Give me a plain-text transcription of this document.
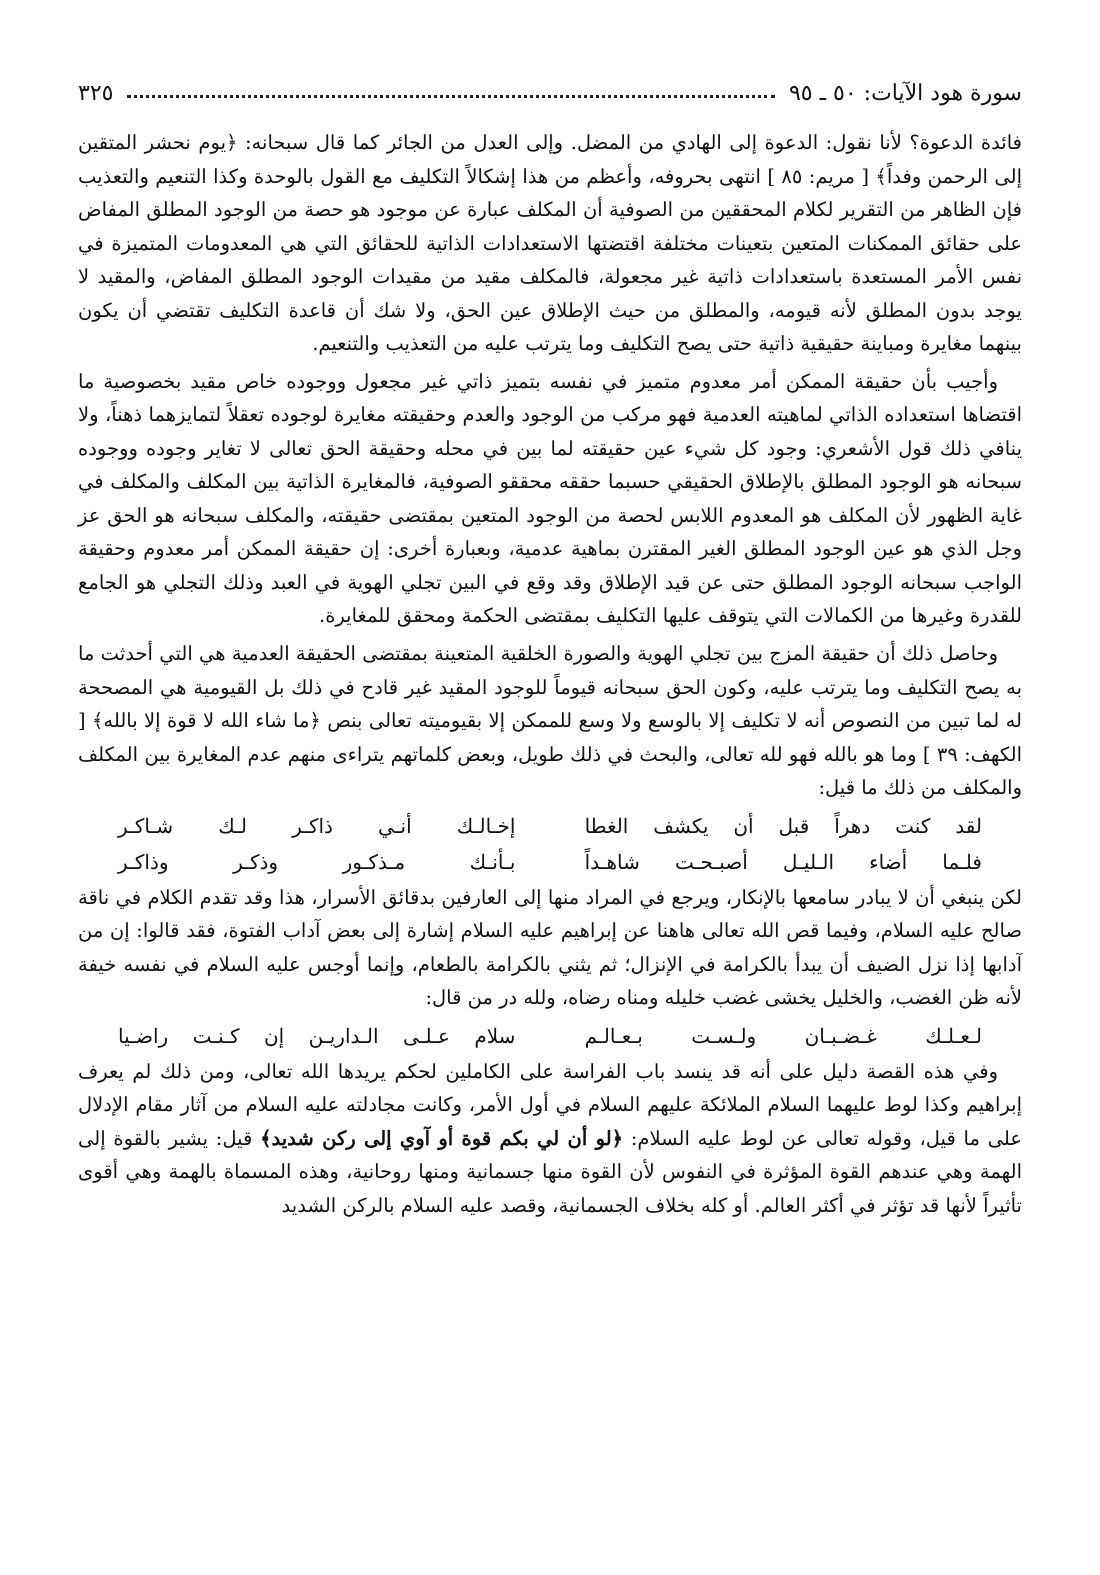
سورة هود الآيات: ٥٠ ـ ٩٥
٣٢٥

فائدة الدعوة؟ لأنا نقول: الدعوة إلى الهادي من المضل. وإلى العدل من الجائر كما قال سبحانه: ﴿يوم نحشر المتقين إلى الرحمن وفداً﴾ [ مريم: ٨٥ ] انتهى بحروفه، وأعظم من هذا إشكالاً التكليف مع القول بالوحدة وكذا التنعيم والتعذيب فإن الظاهر من التقرير لكلام المحققين من الصوفية أن المكلف عبارة عن موجود هو حصة من الوجود المطلق المفاض على حقائق الممكنات المتعين بتعينات مختلفة اقتضتها الاستعدادات الذاتية للحقائق التي هي المعدومات المتميزة في نفس الأمر المستعدة باستعدادات ذاتية غير مجعولة، فالمكلف مقيد من مقيدات الوجود المطلق المفاض، والمقيد لا يوجد بدون المطلق لأنه قيومه، والمطلق من حيث الإطلاق عين الحق، ولا شك أن قاعدة التكليف تقتضي أن يكون بينهما مغايرة ومباينة حقيقية ذاتية حتى يصح التكليف وما يترتب عليه من التعذيب والتنعيم.

وأجيب بأن حقيقة الممكن أمر معدوم متميز في نفسه بتميز ذاتي غير مجعول ووجوده خاص مقيد بخصوصية ما اقتضاها استعداده الذاتي لماهيته العدمية فهو مركب من الوجود والعدم وحقيقته مغايرة لوجوده تعقلاً لتمايزهما ذهناً، ولا ينافي ذلك قول الأشعري: وجود كل شيء عين حقيقته لما بين في محله وحقيقة الحق تعالى لا تغاير وجوده ووجوده سبحانه هو الوجود المطلق بالإطلاق الحقيقي حسبما حققه محققو الصوفية، فالمغايرة الذاتية بين المكلف والمكلف في غاية الظهور لأن المكلف هو المعدوم اللابس لحصة من الوجود المتعين بمقتضى حقيقته، والمكلف سبحانه هو الحق عز وجل الذي هو عين الوجود المطلق الغير المقترن بماهية عدمية، وبعبارة أخرى: إن حقيقة الممكن أمر معدوم وحقيقة الواجب سبحانه الوجود المطلق حتى عن قيد الإطلاق وقد وقع في البين تجلي الهوية في العبد وذلك التجلي هو الجامع للقدرة وغيرها من الكمالات التي يتوقف عليها التكليف بمقتضى الحكمة ومحقق للمغايرة.

وحاصل ذلك أن حقيقة المزج بين تجلي الهوية والصورة الخلقية المتعينة بمقتضى الحقيقة العدمية هي التي أحدثت ما به يصح التكليف وما يترتب عليه، وكون الحق سبحانه قيوماً للوجود المقيد غير قادح في ذلك بل القيومية هي المصححة له لما تبين من النصوص أنه لا تكليف إلا بالوسع ولا وسع للممكن إلا بقيوميته تعالى بنص ﴿ما شاء الله لا قوة إلا بالله﴾ [ الكهف: ٣٩ ] وما هو بالله فهو لله تعالى، والبحث في ذلك طويل، وبعض كلماتهم يتراءى منهم عدم المغايرة بين المكلف والمكلف من ذلك ما قيل:

لقد كنت دهراً قبل أن يكشف الغطا
إخـالـك أنـي ذاكـر لـك شـاكـر
فلـما أضاء الـليـل أصبـحـت شاهـداً
بـأنـك مـذكـور وذكـر وذاكـر

لكن ينبغي أن لا يبادر سامعها بالإنكار، ويرجع في المراد منها إلى العارفين بدقائق الأسرار، هذا وقد تقدم الكلام في ناقة صالح عليه السلام، وفيما قص الله تعالى هاهنا عن إبراهيم عليه السلام إشارة إلى بعض آداب الفتوة، فقد قالوا: إن من آدابها إذا نزل الضيف أن يبدأ بالكرامة في الإنزال؛ ثم يثني بالكرامة بالطعام، وإنما أوجس عليه السلام في نفسه خيفة لأنه ظن الغضب، والخليل يخشى غضب خليله ومناه رضاه، ولله در من قال:

لـعـلـك غـضـبـان ولـسـت بـعـالـم
سلام عـلـى الـداريـن إن كـنـت راضـيا

وفي هذه القصة دليل على أنه قد ينسد باب الفراسة على الكاملين لحكم يريدها الله تعالى، ومن ذلك لم يعرف إبراهيم وكذا لوط عليهما السلام الملائكة عليهم السلام في أول الأمر، وكانت مجادلته عليه السلام من آثار مقام الإدلال على ما قيل، وقوله تعالى عن لوط عليه السلام: ﴿لو أن لي بكم قوة أو آوي إلى ركن شديد﴾ قيل: يشير بالقوة إلى الهمة وهي عندهم القوة المؤثرة في النفوس لأن القوة منها جسمانية ومنها روحانية، وهذه المسماة بالهمة وهي أقوى تأثيراً لأنها قد تؤثر في أكثر العالم. أو كله بخلاف الجسمانية، وقصد عليه السلام بالركن الشديد
